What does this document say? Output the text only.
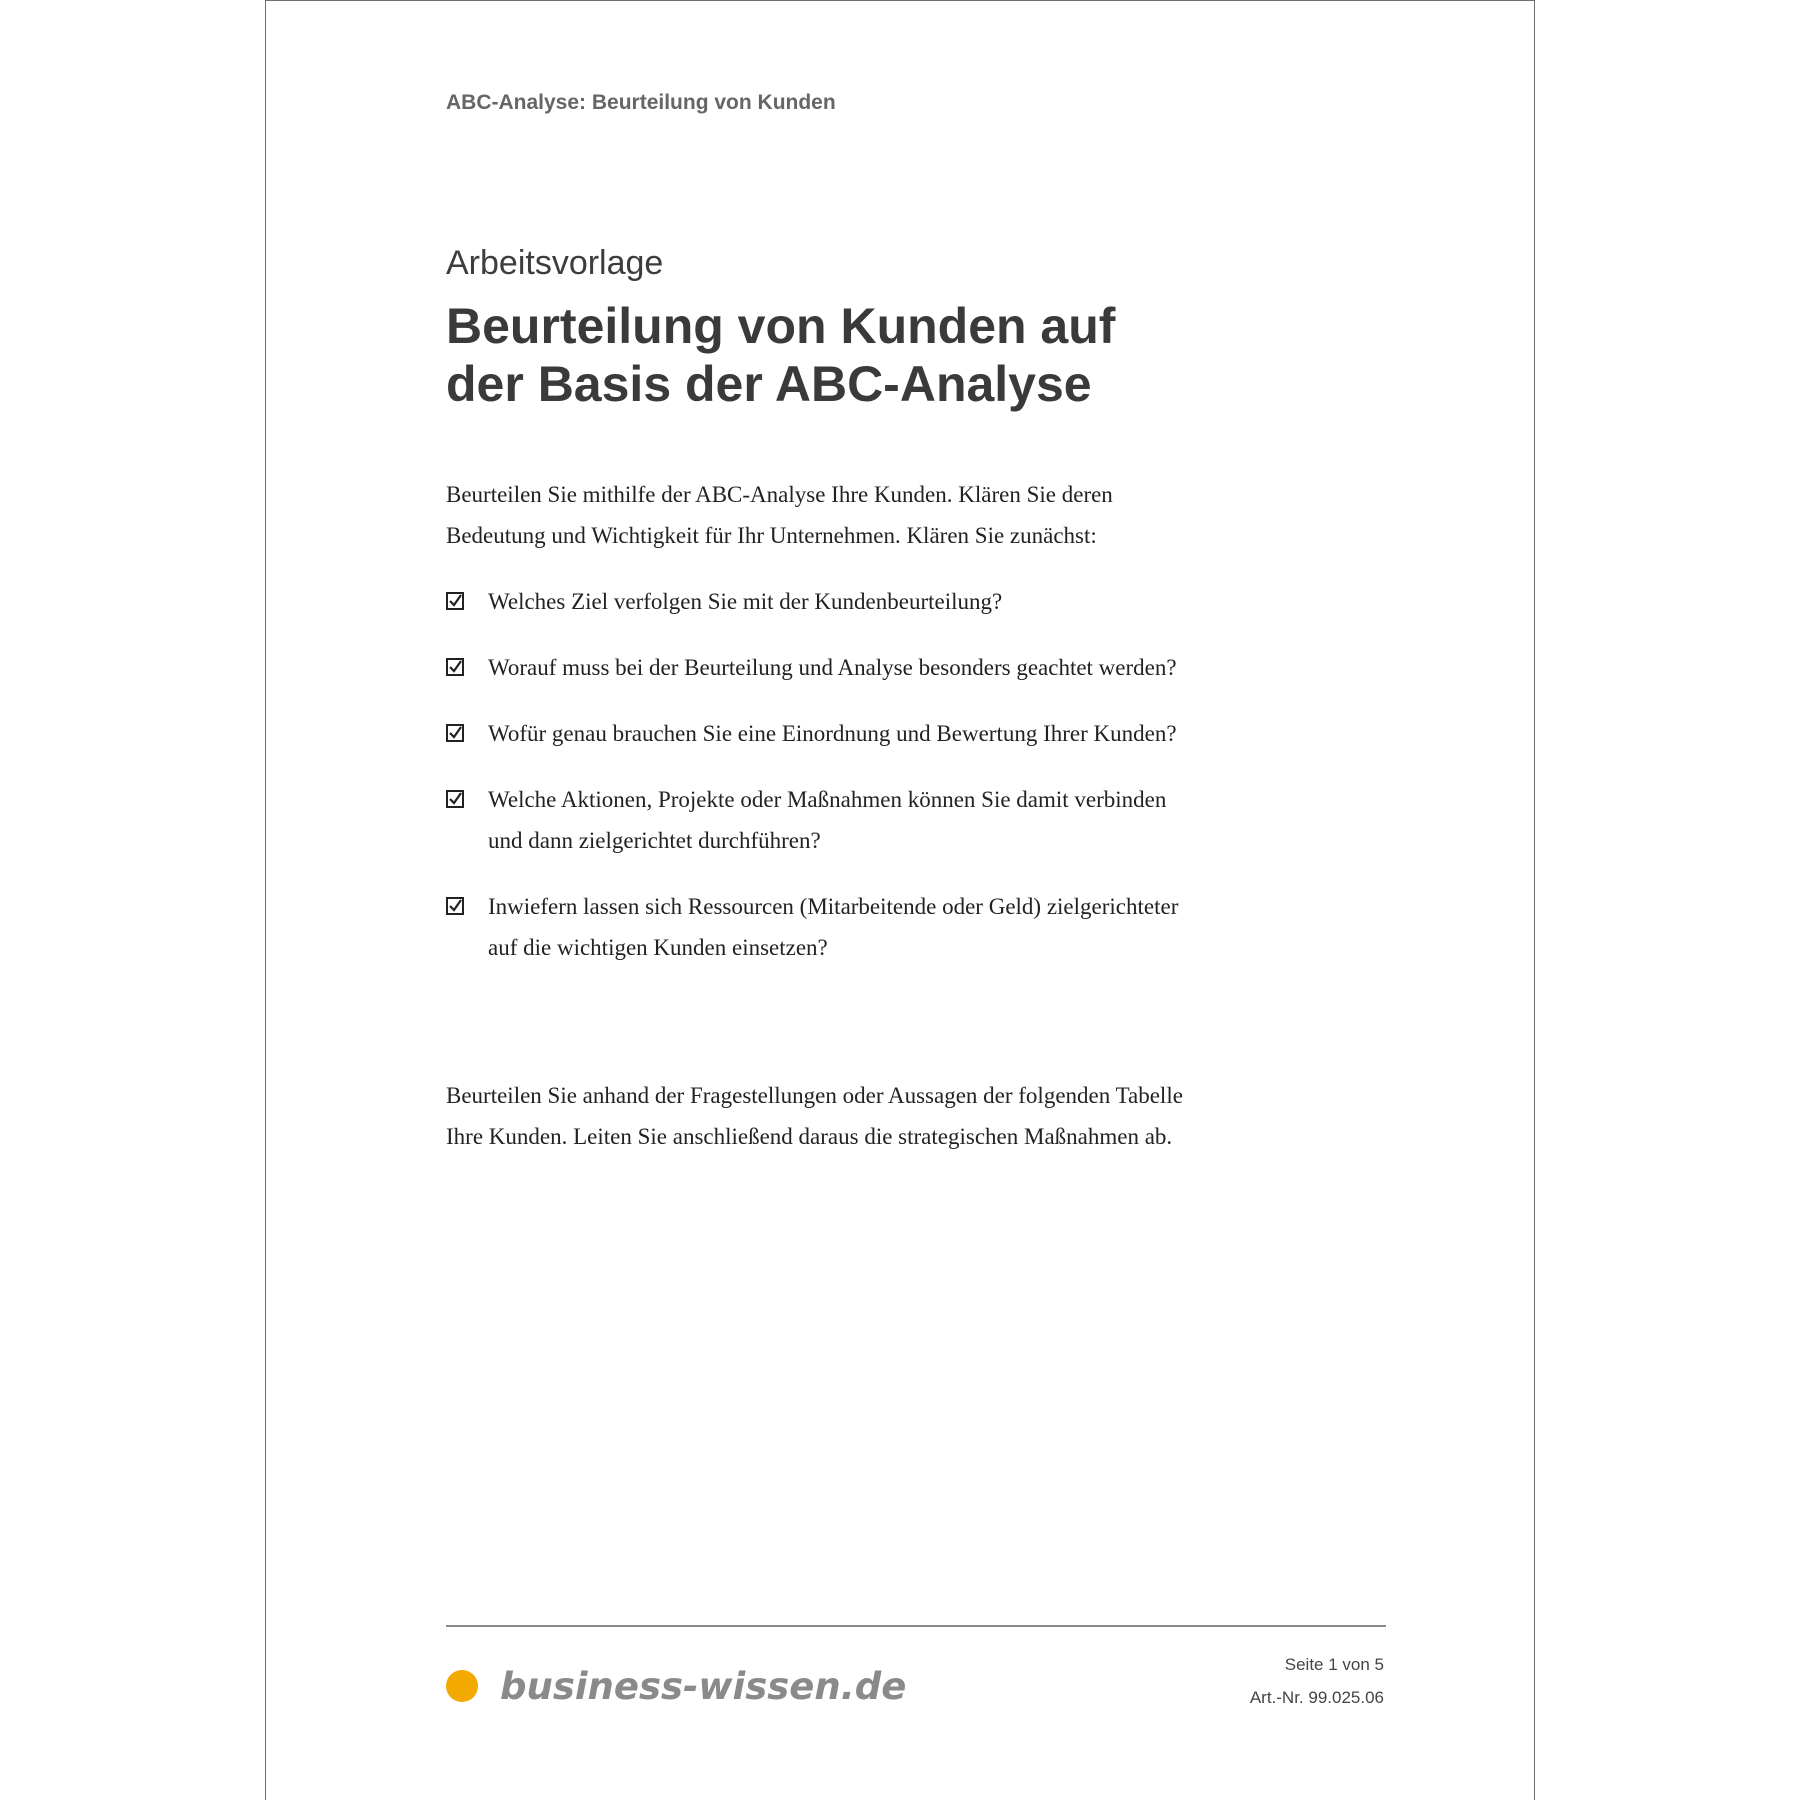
ABC-Analyse: Beurteilung von Kunden
Arbeitsvorlage
Beurteilung von Kunden auf
der Basis der ABC-Analyse

Beurteilen Sie mithilfe der ABC-Analyse Ihre Kunden. Klären Sie deren Bedeutung und Wichtigkeit für Ihr Unternehmen. Klären Sie zunächst:

Welches Ziel verfolgen Sie mit der Kundenbeurteilung?
Worauf muss bei der Beurteilung und Analyse besonders geachtet werden?
Wofür genau brauchen Sie eine Einordnung und Bewertung Ihrer Kunden?
Welche Aktionen, Projekte oder Maßnahmen können Sie damit verbinden und dann zielgerichtet durchführen?
Inwiefern lassen sich Ressourcen (Mitarbeitende oder Geld) zielgerichteter auf die wichtigen Kunden einsetzen?

Beurteilen Sie anhand der Fragestellungen oder Aussagen der folgenden Tabelle Ihre Kunden. Leiten Sie anschließend daraus die strategischen Maßnahmen ab.

business-wissen.de	Seite 1 von 5
Art.-Nr. 99.025.06
